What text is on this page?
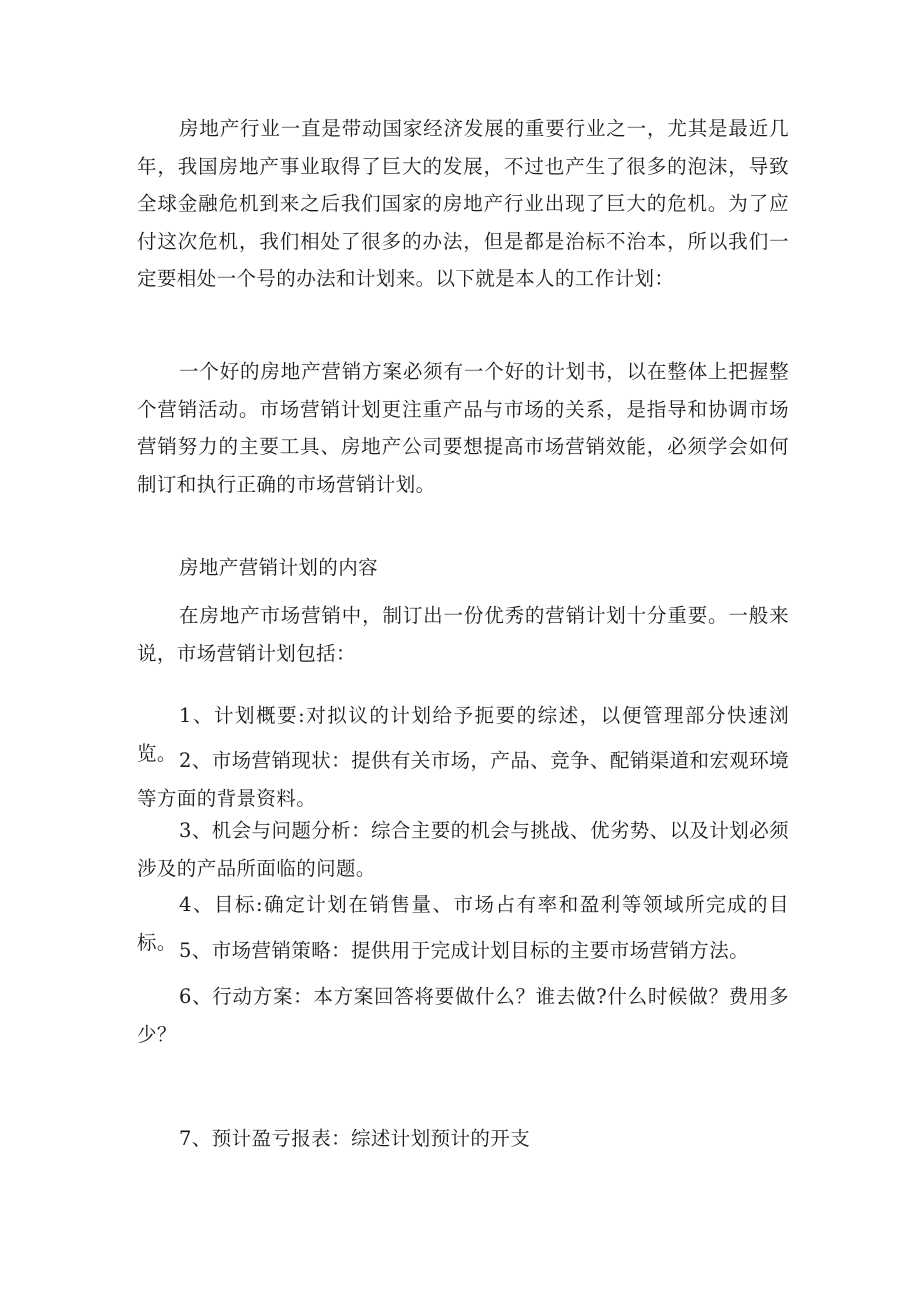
房地产行业一直是带动国家经济发展的重要行业之一，尤其是最近几年，我国房地产事业取得了巨大的发展，不过也产生了很多的泡沫，导致全球金融危机到来之后我们国家的房地产行业出现了巨大的危机。为了应付这次危机，我们相处了很多的办法，但是都是治标不治本，所以我们一定要相处一个号的办法和计划来。以下就是本人的工作计划：

一个好的房地产营销方案必须有一个好的计划书，以在整体上把握整个营销活动。市场营销计划更注重产品与市场的关系，是指导和协调市场营销努力的主要工具、房地产公司要想提高市场营销效能，必须学会如何制订和执行正确的市场营销计划。

房地产营销计划的内容

在房地产市场营销中，制订出一份优秀的营销计划十分重要。一般来说，市场营销计划包括：

1、计划概要:对拟议的计划给予扼要的综述，以便管理部分快速浏览。 2、市场营销现状：提供有关市场，产品、竞争、配销渠道和宏观环境等方面的背景资料。

3、机会与问题分析：综合主要的机会与挑战、优劣势、以及计划必须涉及的产品所面临的问题。

4、目标:确定计划在销售量、市场占有率和盈利等领域所完成的目标。 5、市场营销策略：提供用于完成计划目标的主要市场营销方法。

6、行动方案：本方案回答将要做什么？谁去做?什么时候做？费用多少？

7、预计盈亏报表：综述计划预计的开支
